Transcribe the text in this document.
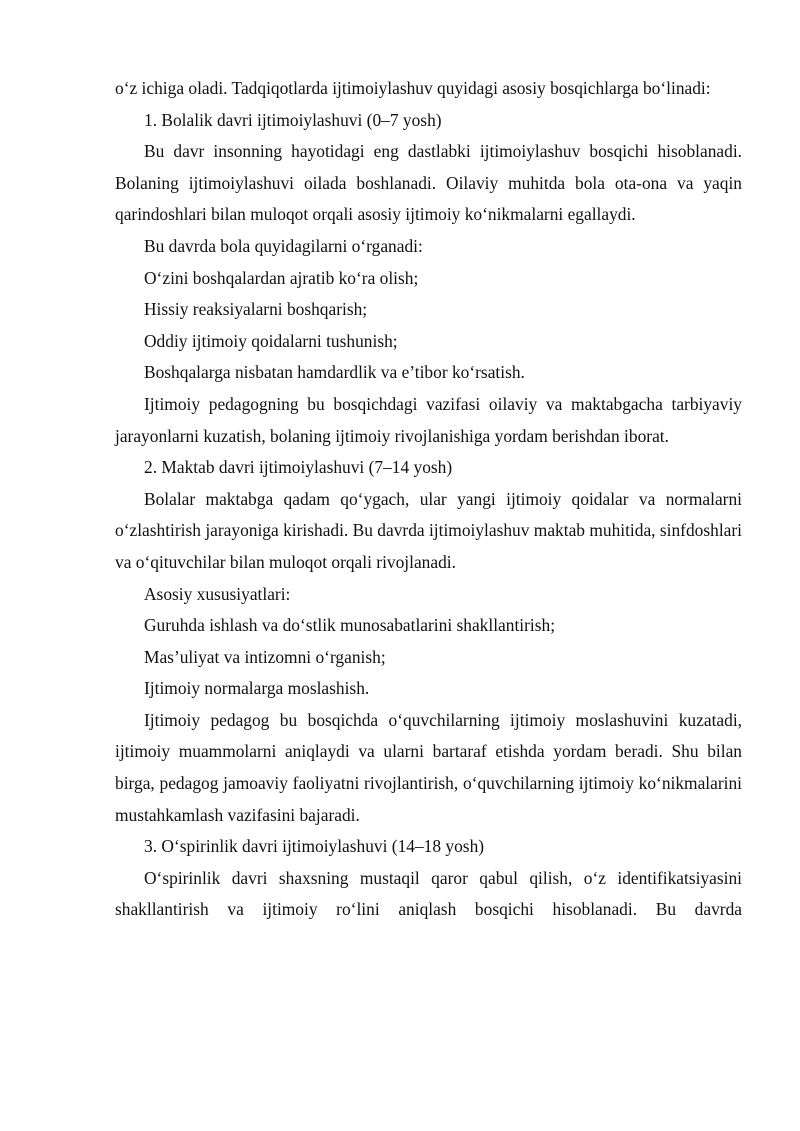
o‘z ichiga oladi. Tadqiqotlarda ijtimoiylashuv quyidagi asosiy bosqichlarga bo‘linadi:

1. Bolalik davri ijtimoiylashuvi (0–7 yosh)

Bu davr insonning hayotidagi eng dastlabki ijtimoiylashuv bosqichi hisoblanadi. Bolaning ijtimoiylashuvi oilada boshlanadi. Oilaviy muhitda bola ota-ona va yaqin qarindoshlari bilan muloqot orqali asosiy ijtimoiy ko‘nikmalarni egallaydi.

Bu davrda bola quyidagilarni o‘rganadi:

O‘zini boshqalardan ajratib ko‘ra olish;

Hissiy reaksiyalarni boshqarish;

Oddiy ijtimoiy qoidalarni tushunish;

Boshqalarga nisbatan hamdardlik va e’tibor ko‘rsatish.

Ijtimoiy pedagogning bu bosqichdagi vazifasi oilaviy va maktabgacha tarbiyaviy jarayonlarni kuzatish, bolaning ijtimoiy rivojlanishiga yordam berishdan iborat.

2. Maktab davri ijtimoiylashuvi (7–14 yosh)

Bolalar maktabga qadam qo‘ygach, ular yangi ijtimoiy qoidalar va normalarni o‘zlashtirish jarayoniga kirishadi. Bu davrda ijtimoiylashuv maktab muhitida, sinfdoshlari va o‘qituvchilar bilan muloqot orqali rivojlanadi.

Asosiy xususiyatlari:

Guruhda ishlash va do‘stlik munosabatlarini shakllantirish;

Mas’uliyat va intizomni o‘rganish;

Ijtimoiy normalarga moslashish.

Ijtimoiy pedagog bu bosqichda o‘quvchilarning ijtimoiy moslashuvini kuzatadi, ijtimoiy muammolarni aniqlaydi va ularni bartaraf etishda yordam beradi. Shu bilan birga, pedagog jamoaviy faoliyatni rivojlantirish, o‘quvchilarning ijtimoiy ko‘nikmalarini mustahkamlash vazifasini bajaradi.

3. O‘spirinlik davri ijtimoiylashuvi (14–18 yosh)

O‘spirinlik davri shaxsning mustaqil qaror qabul qilish, o‘z identifikatsiyasini shakllantirish va ijtimoiy ro‘lini aniqlash bosqichi hisoblanadi. Bu davrda
